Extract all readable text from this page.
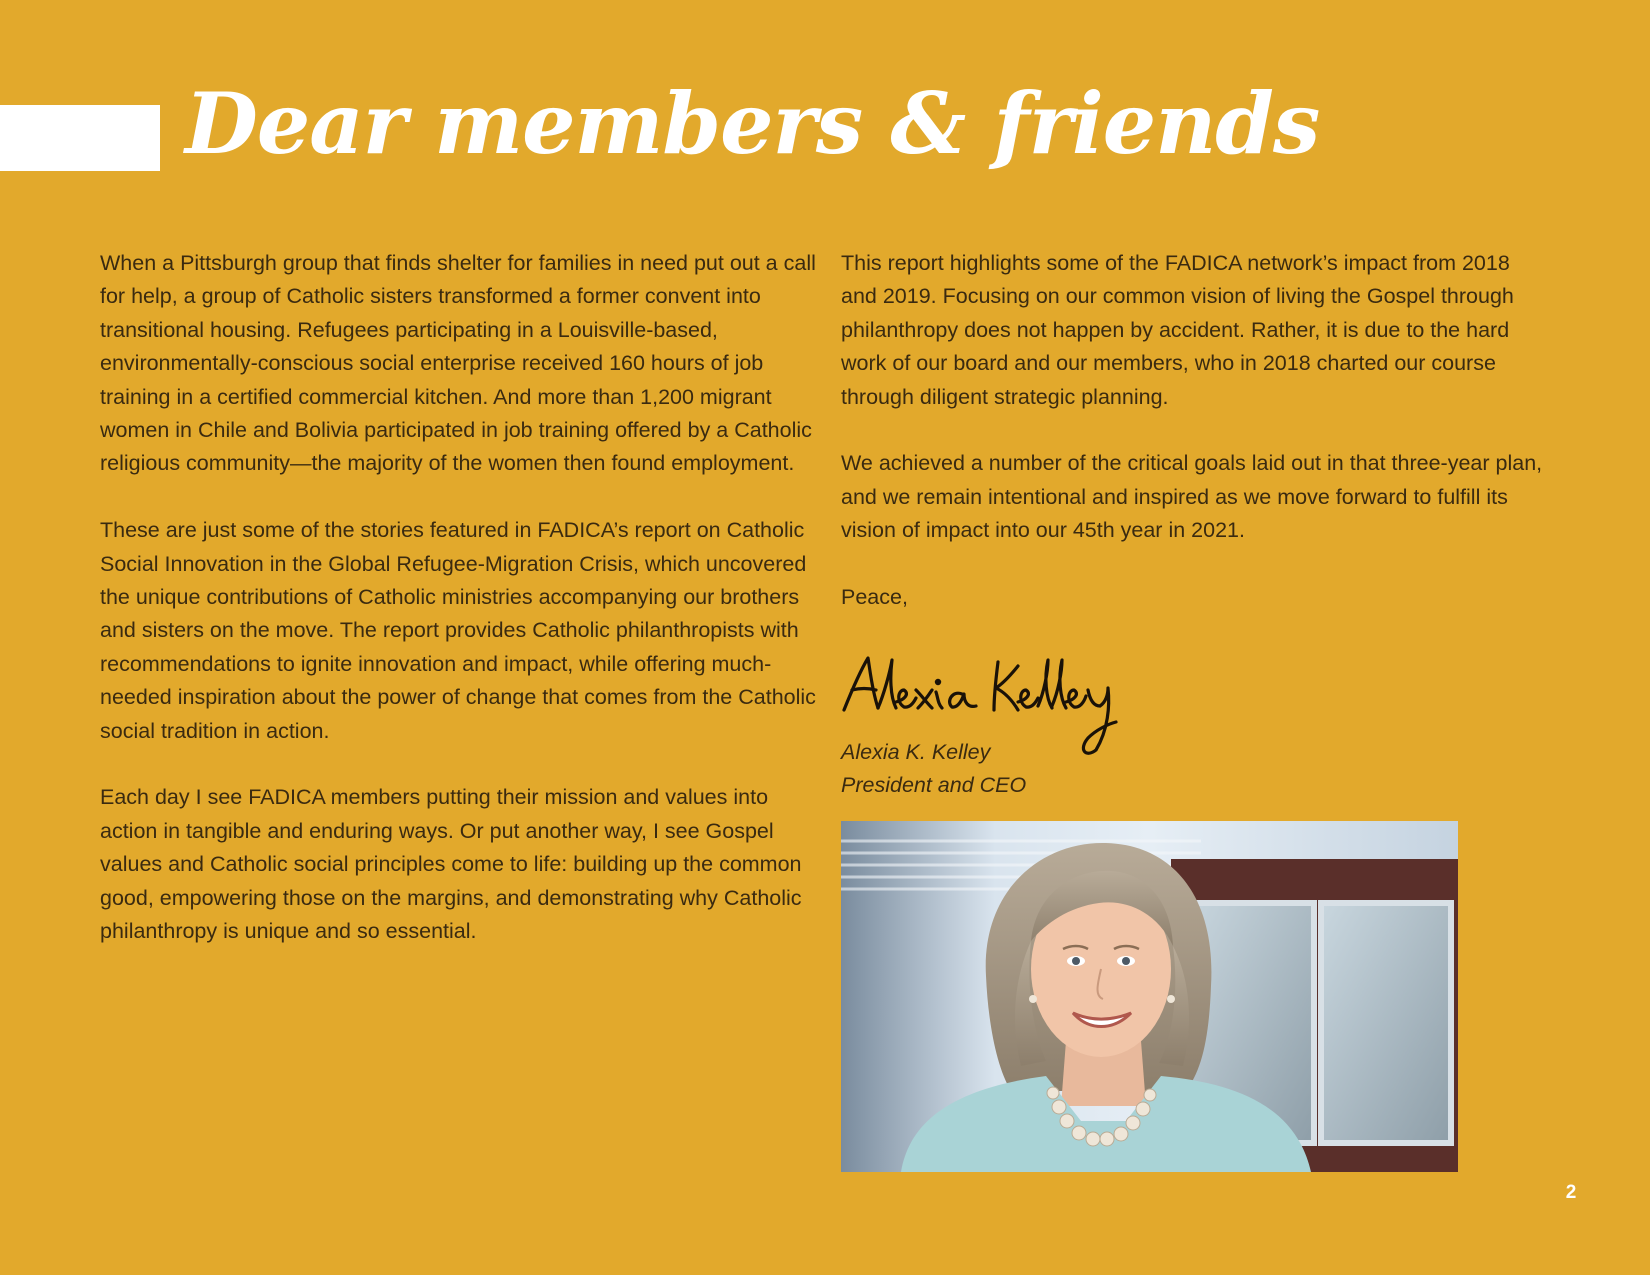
Dear members & friends

When a Pittsburgh group that finds shelter for families in need put out a call for help, a group of Catholic sisters transformed a former convent into transitional housing. Refugees participating in a Louisville-based, environmentally-conscious social enterprise received 160 hours of job training in a certified commercial kitchen. And more than 1,200 migrant women in Chile and Bolivia participated in job training offered by a Catholic religious community—the majority of the women then found employment.

These are just some of the stories featured in FADICA’s report on Catholic Social Innovation in the Global Refugee-Migration Crisis, which uncovered the unique contributions of Catholic ministries accompanying our brothers and sisters on the move. The report provides Catholic philanthropists with recommendations to ignite innovation and impact, while offering much-needed inspiration about the power of change that comes from the Catholic social tradition in action.

Each day I see FADICA members putting their mission and values into action in tangible and enduring ways. Or put another way, I see Gospel values and Catholic social principles come to life: building up the common good, empowering those on the margins, and demonstrating why Catholic philanthropy is unique and so essential.

This report highlights some of the FADICA network’s impact from 2018 and 2019. Focusing on our common vision of living the Gospel through philanthropy does not happen by accident. Rather, it is due to the hard work of our board and our members, who in 2018 charted our course through diligent strategic planning.

We achieved a number of the critical goals laid out in that three-year plan, and we remain intentional and inspired as we move forward to fulfill its vision of impact into our 45th year in 2021.

Peace,

Alexia K. Kelley
President and CEO
2
